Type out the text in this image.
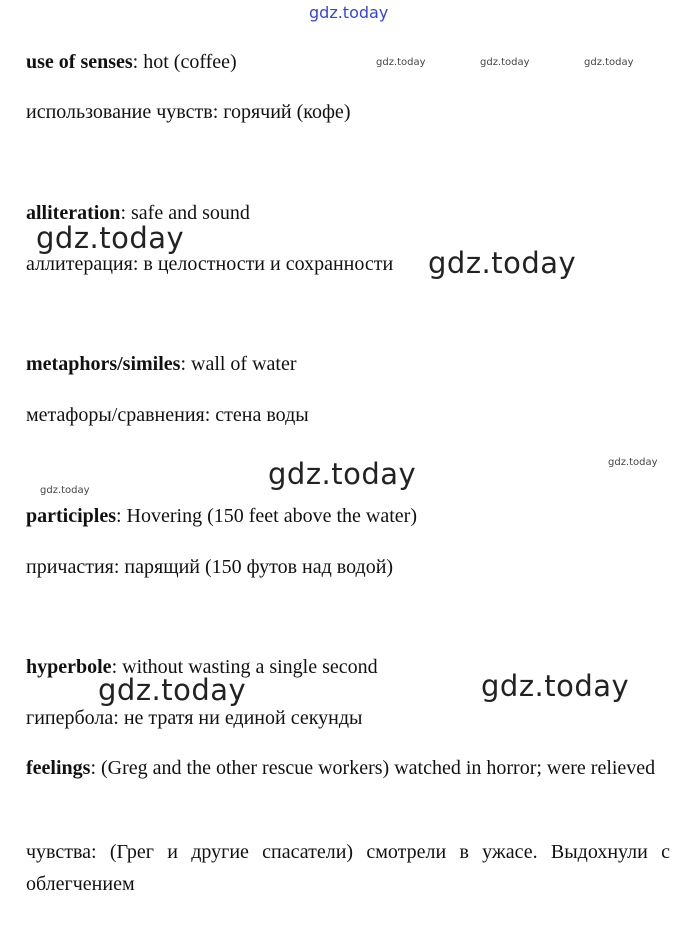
gdz.today
use of senses: hot (coffee)
использование чувств: горячий (кофе)
alliteration: safe and sound
аллитерация: в целостности и сохранности
metaphors/similes: wall of water
метафоры/сравнения: стена воды
participles: Hovering (150 feet above the water)
причастия: парящий (150 футов над водой)
hyperbole: without wasting a single second
гипербола: не тратя ни единой секунды
feelings: (Greg and the other rescue workers) watched in horror; were relieved
чувства: (Грег и другие спасатели) смотрели в ужасе. Выдохнули с облегчением
gdz.today	gdz.today	gdz.today
gdz.today
gdz.today
gdz.today
gdz.today
gdz.today
gdz.today	gdz.today
